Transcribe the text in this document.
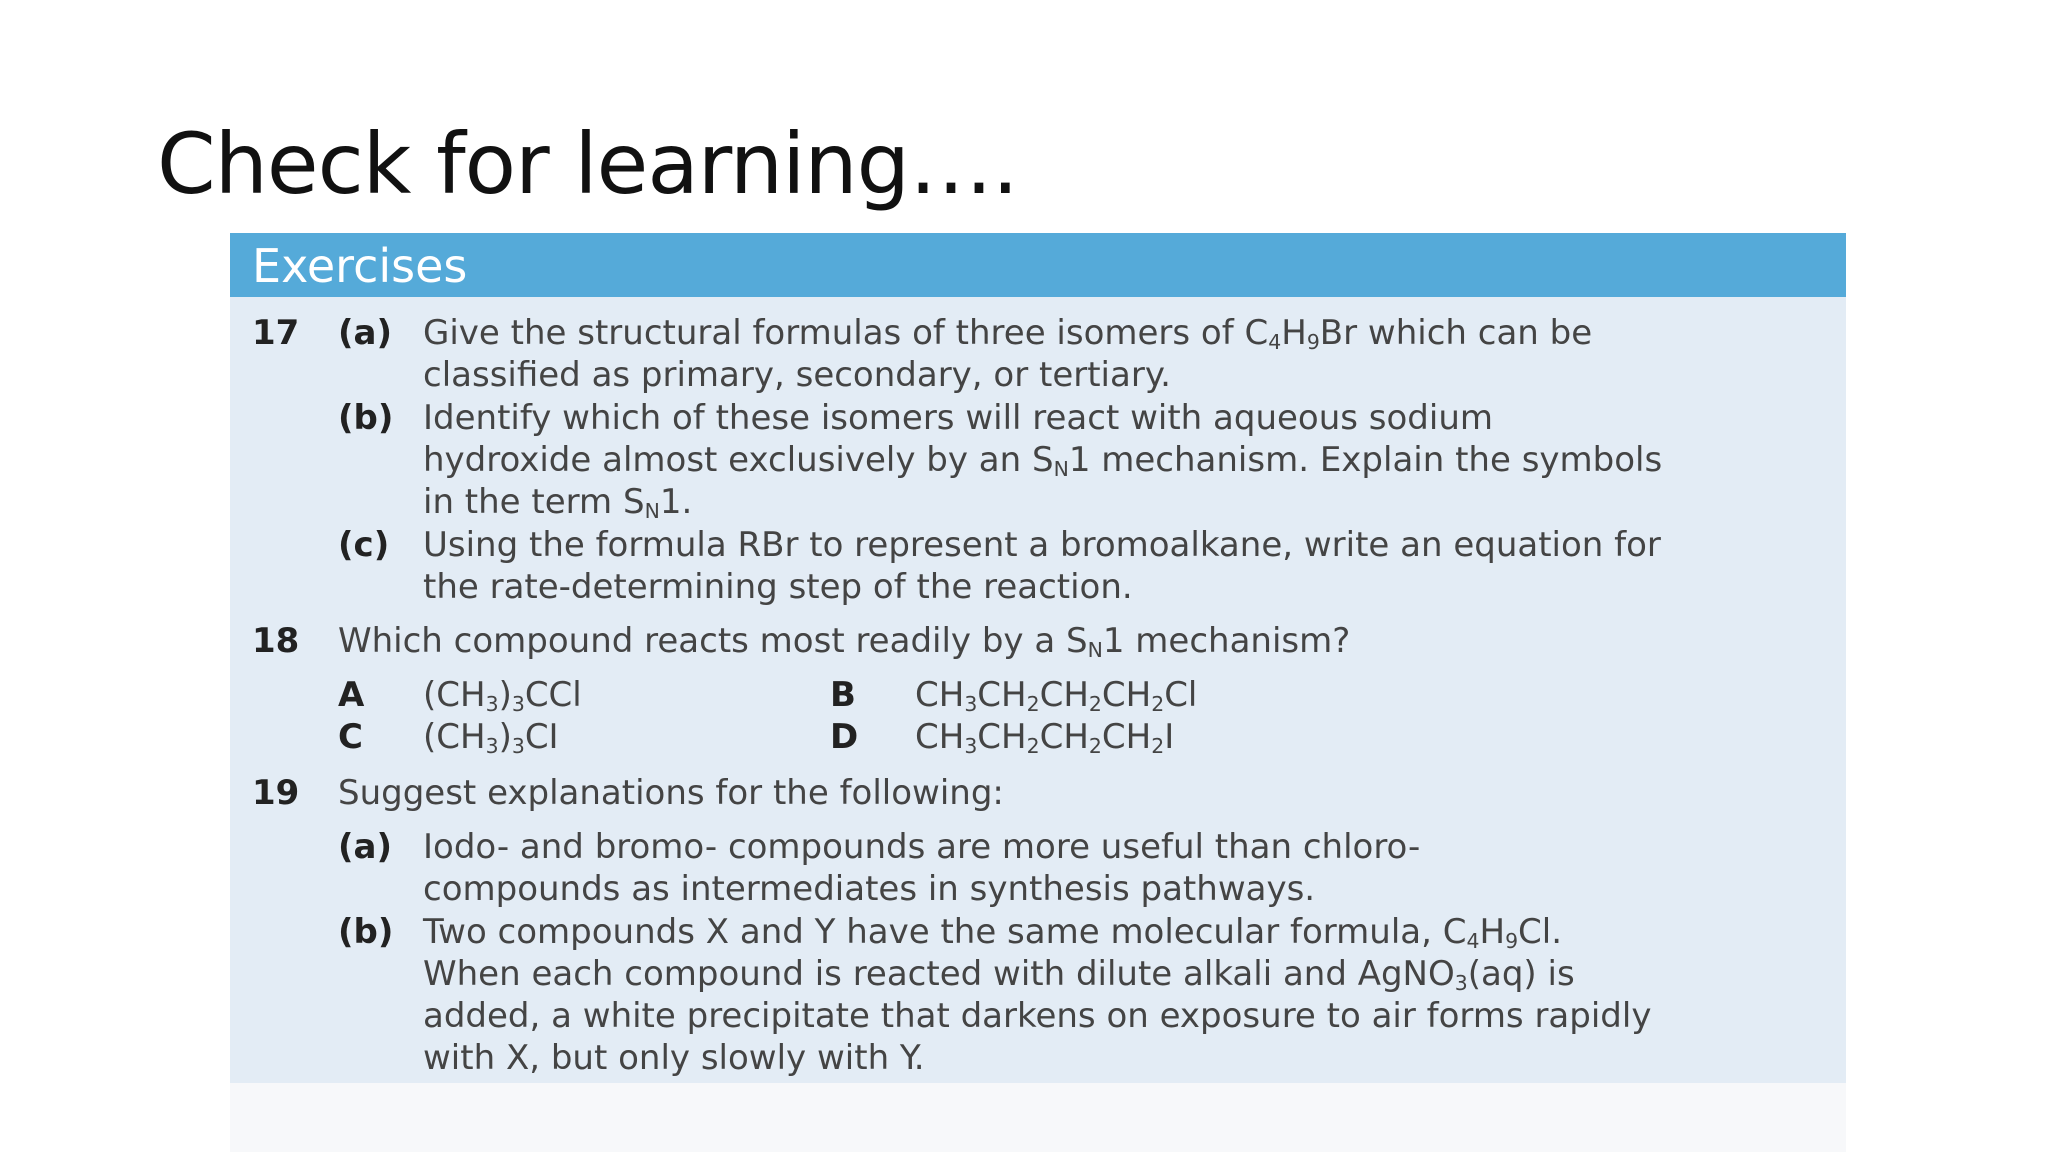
Check for learning….
Exercises
17 (a) Give the structural formulas of three isomers of $C_4H_9Br$ which can be
classified as primary, secondary, or tertiary.
(b) Identify which of these isomers will react with aqueous sodium
hydroxide almost exclusively by an $S_N1$ mechanism. Explain the symbols
in the term $S_N1$.
(c) Using the formula RBr to represent a bromoalkane, write an equation for
the rate-determining step of the reaction.
18 Which compound reacts most readily by a $S_N1$ mechanism?
A $(CH_3)_3CCl$	B $CH_3CH_2CH_2CH_2Cl$
C $(CH_3)_3CI$	D $CH_3CH_2CH_2CH_2I$
19 Suggest explanations for the following:
(a) Iodo- and bromo- compounds are more useful than chloro-
compounds as intermediates in synthesis pathways.
(b) Two compounds X and Y have the same molecular formula, $C_4H_9Cl$.
When each compound is reacted with dilute alkali and AgNO$_3$(aq) is
added, a white precipitate that darkens on exposure to air forms rapidly
with X, but only slowly with Y.
